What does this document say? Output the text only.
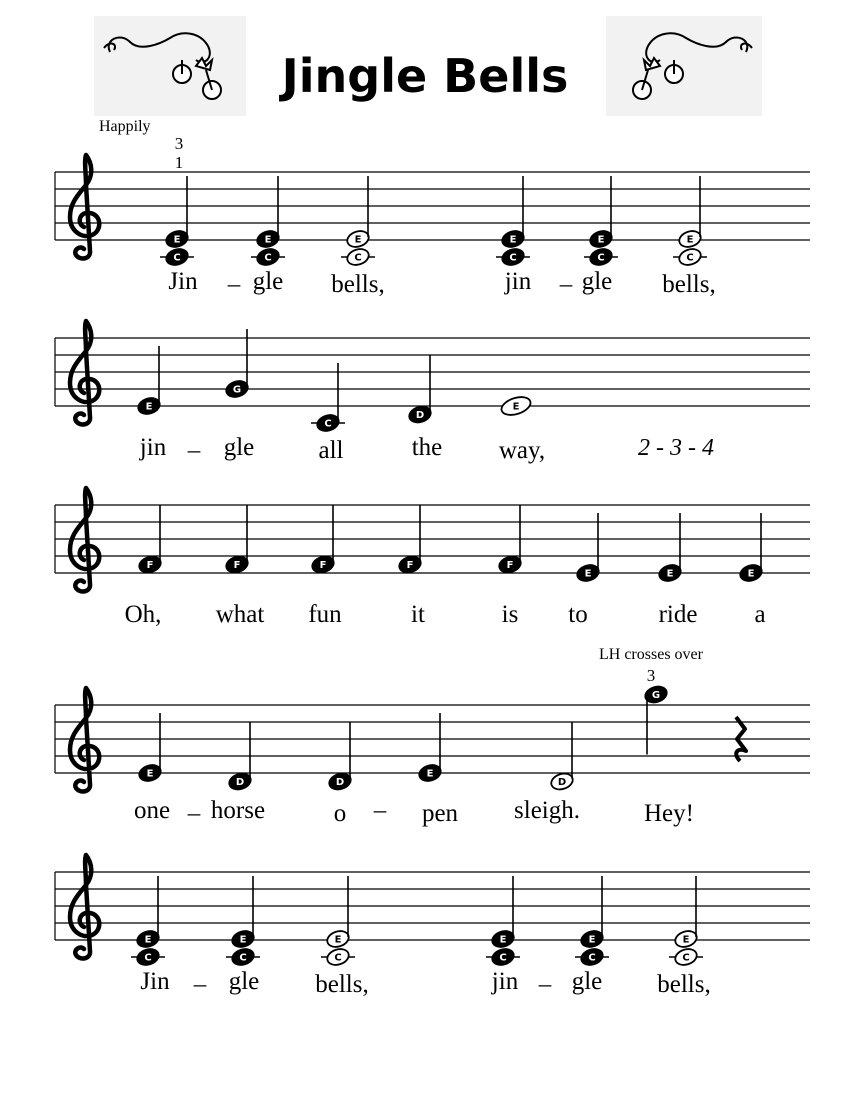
Jingle Bells
Happily
LH crosses over
C
E
3
1
C
E
C
E
C
E
C
E
C
E
Jin – gle bells,	jin – gle bells,
E
G
C
D
E
jin – gle	all	the way,	2 - 3 - 4
F	F	F	F	F
E	E	E
Oh, what fun	it	is to	ride a
E
D	D
E
D
G
3
one – horse	o – pen sleigh.	Hey!
C
E
C
E
C
E
C
E
C
E
C
E
Jin – gle bells,	jin – gle bells,
